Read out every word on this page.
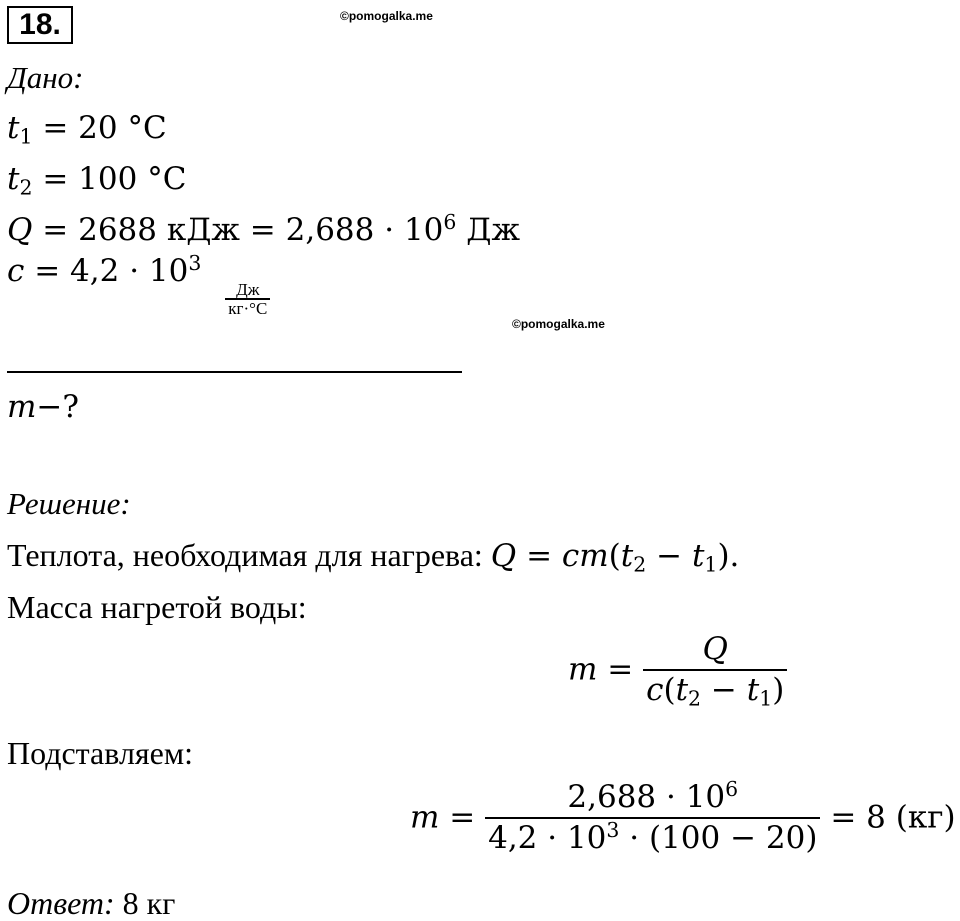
18.	©pomogalka.me
Дано:
$t_1 = 20$ °C
$t_2 = 100$ °C
Q = 2688 кДж = $2,688 \cdot 10^6$ Дж
$c = 4,2 \cdot 10^3$
$\frac{Дж}{кг\cdot^\circ С}$
©pomogalka.me
m−?
Решение:
Теплота, необходимая для нагрева: $Q = cm(t_2 - t_1)$.
Масса нагретой воды:
$m = \frac{Q}{c(t_2 - t_1)}$
Подставляем:
$m = \frac{2,688 \cdot 10^6}{4,2 \cdot 10^3 \cdot (100 - 20)} = 8$ (кг)
Ответ: 8 кг
